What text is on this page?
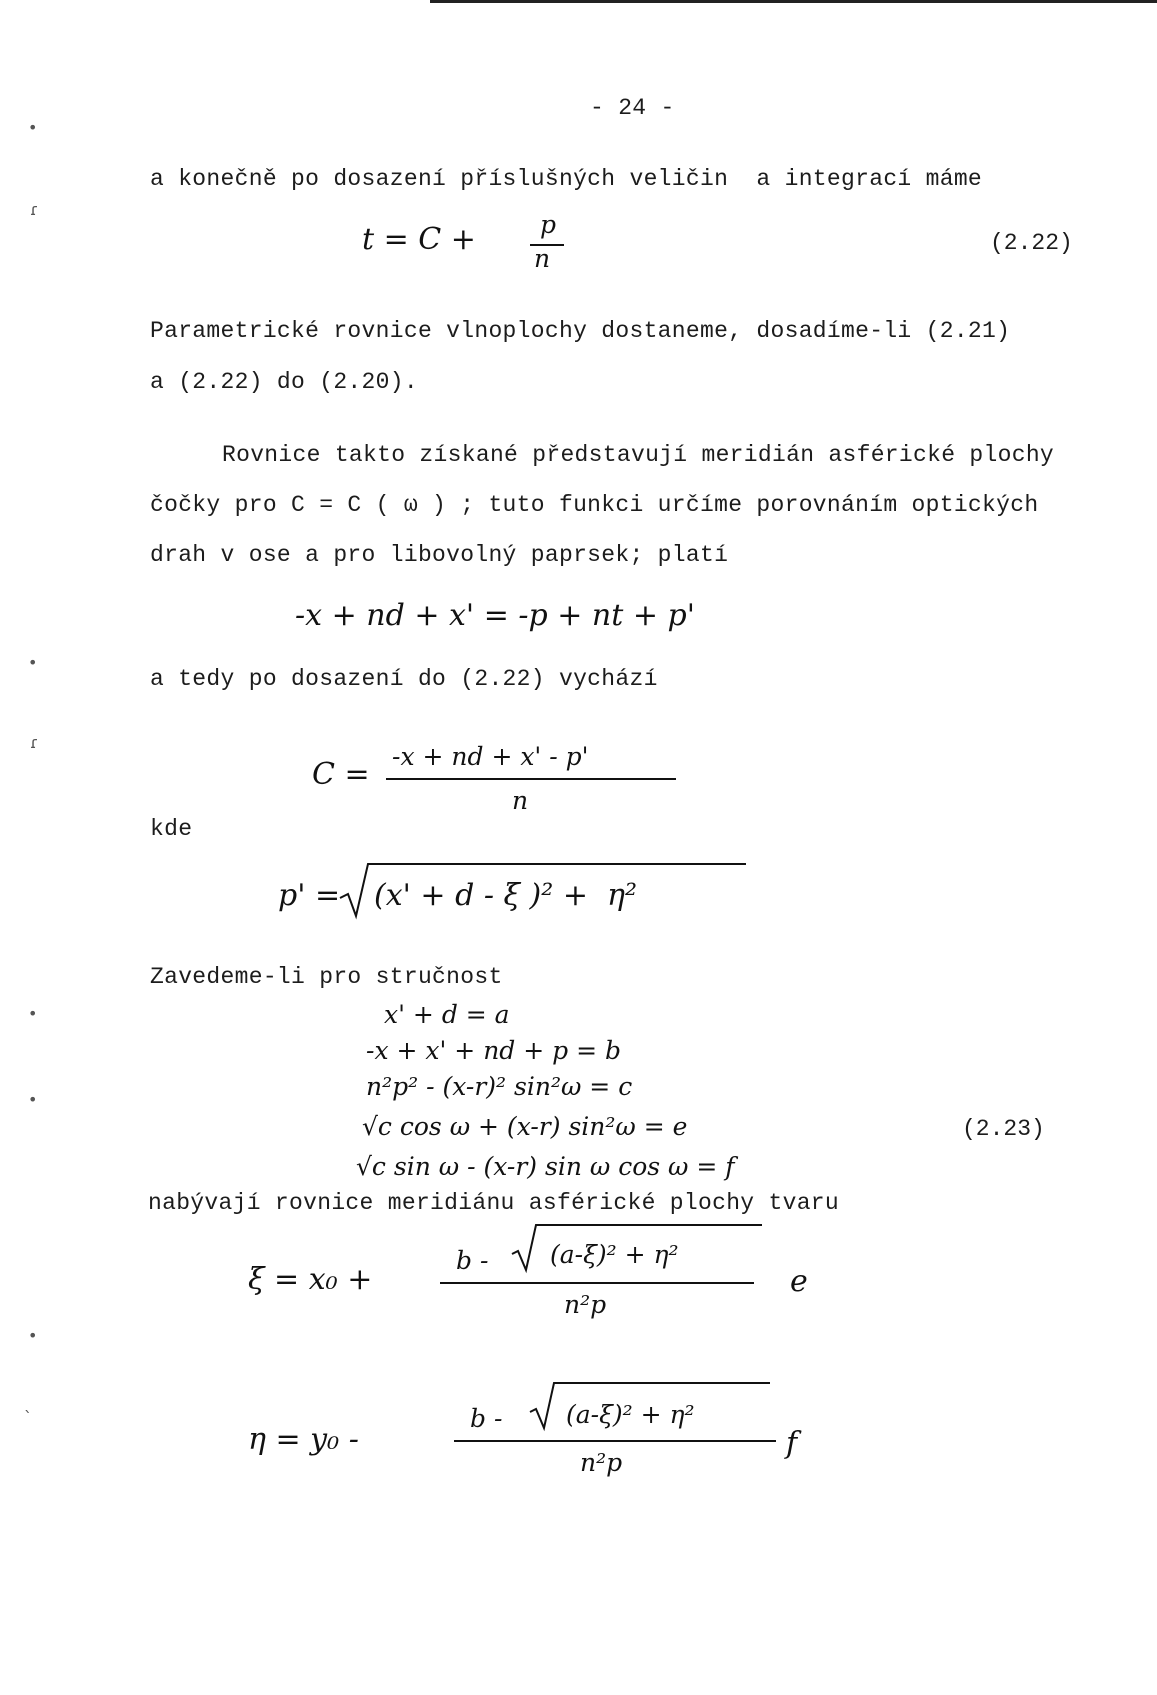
•
ɾ
•
ɾ
•
•
•
ˋ
- 24 -
a konečně po dosazení příslušných veličin  a integrací máme
t = C +	p
n
(2.22)
Parametrické rovnice vlnoplochy dostaneme, dosadíme-li (2.21)
a (2.22) do (2.20).
Rovnice takto získané představují meridián asférické plochy
čočky pro C = C ( ω ) ; tuto funkci určíme porovnáním optických
drah v ose a pro libovolný paprsek; platí
-x + nd + x' = -p + nt + p'
a tedy po dosazení do (2.22) vychází
C =
-x + nd + x' - p'
n
kde
p' = (x' + d - ξ )² +  η²
Zavedeme-li pro stručnost
x' + d = a
-x + x' + nd + p = b
n²p² - (x-r)² sin²ω = c
√c cos ω + (x-r) sin²ω = e
√c sin ω - (x-r) sin ω cos ω = f
(2.23)
nabývají rovnice meridiánu asférické plochy tvaru
ξ = x₀ +
b - (a-ξ)² + η²
n²p
e
η = y₀ -
b -	(a-ξ)² + η²
n²p
f
